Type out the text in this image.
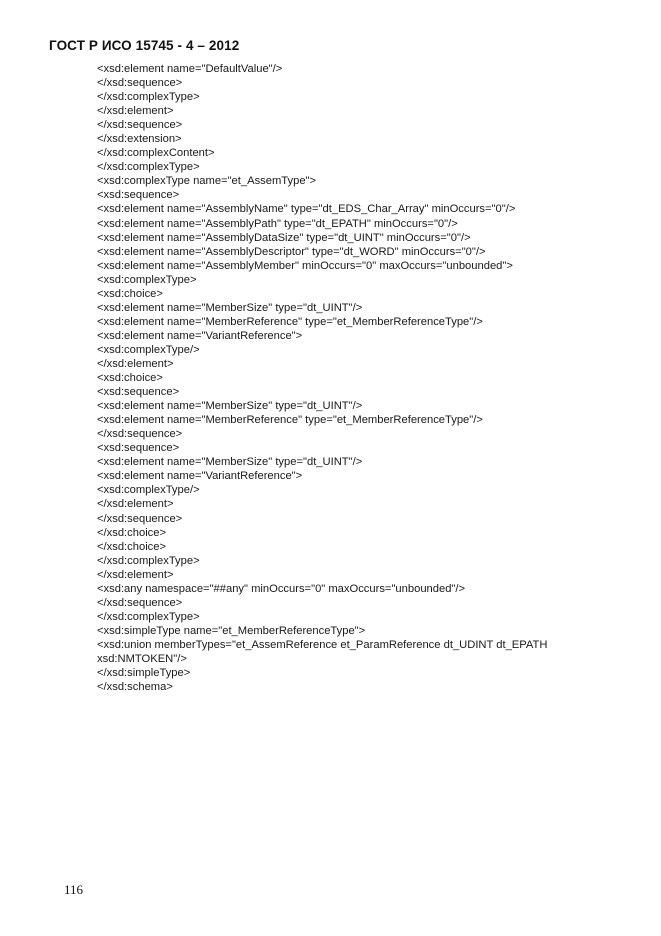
ГОСТ Р ИСО 15745 - 4 – 2012
<xsd:element name="DefaultValue"/>
</xsd:sequence>
</xsd:complexType>
</xsd:element>
</xsd:sequence>
</xsd:extension>
</xsd:complexContent>
</xsd:complexType>
<xsd:complexType name="et_AssemType">
<xsd:sequence>
<xsd:element name="AssemblyName" type="dt_EDS_Char_Array" minOccurs="0"/>
<xsd:element name="AssemblyPath" type="dt_EPATH" minOccurs="0"/>
<xsd:element name="AssemblyDataSize" type="dt_UINT" minOccurs="0"/>
<xsd:element name="AssemblyDescriptor" type="dt_WORD" minOccurs="0"/>
<xsd:element name="AssemblyMember" minOccurs="0" maxOccurs="unbounded">
<xsd:complexType>
<xsd:choice>
<xsd:element name="MemberSize" type="dt_UINT"/>
<xsd:element name="MemberReference" type="et_MemberReferenceType"/>
<xsd:element name="VariantReference">
<xsd:complexType/>
</xsd:element>
<xsd:choice>
<xsd:sequence>
<xsd:element name="MemberSize" type="dt_UINT"/>
<xsd:element name="MemberReference" type="et_MemberReferenceType"/>
</xsd:sequence>
<xsd:sequence>
<xsd:element name="MemberSize" type="dt_UINT"/>
<xsd:element name="VariantReference">
<xsd:complexType/>
</xsd:element>
</xsd:sequence>
</xsd:choice>
</xsd:choice>
</xsd:complexType>
</xsd:element>
<xsd:any namespace="##any" minOccurs="0" maxOccurs="unbounded"/>
</xsd:sequence>
</xsd:complexType>
<xsd:simpleType name="et_MemberReferenceType">
<xsd:union memberTypes="et_AssemReference et_ParamReference dt_UDINT dt_EPATH
xsd:NMTOKEN"/>
</xsd:simpleType>
</xsd:schema>
116
